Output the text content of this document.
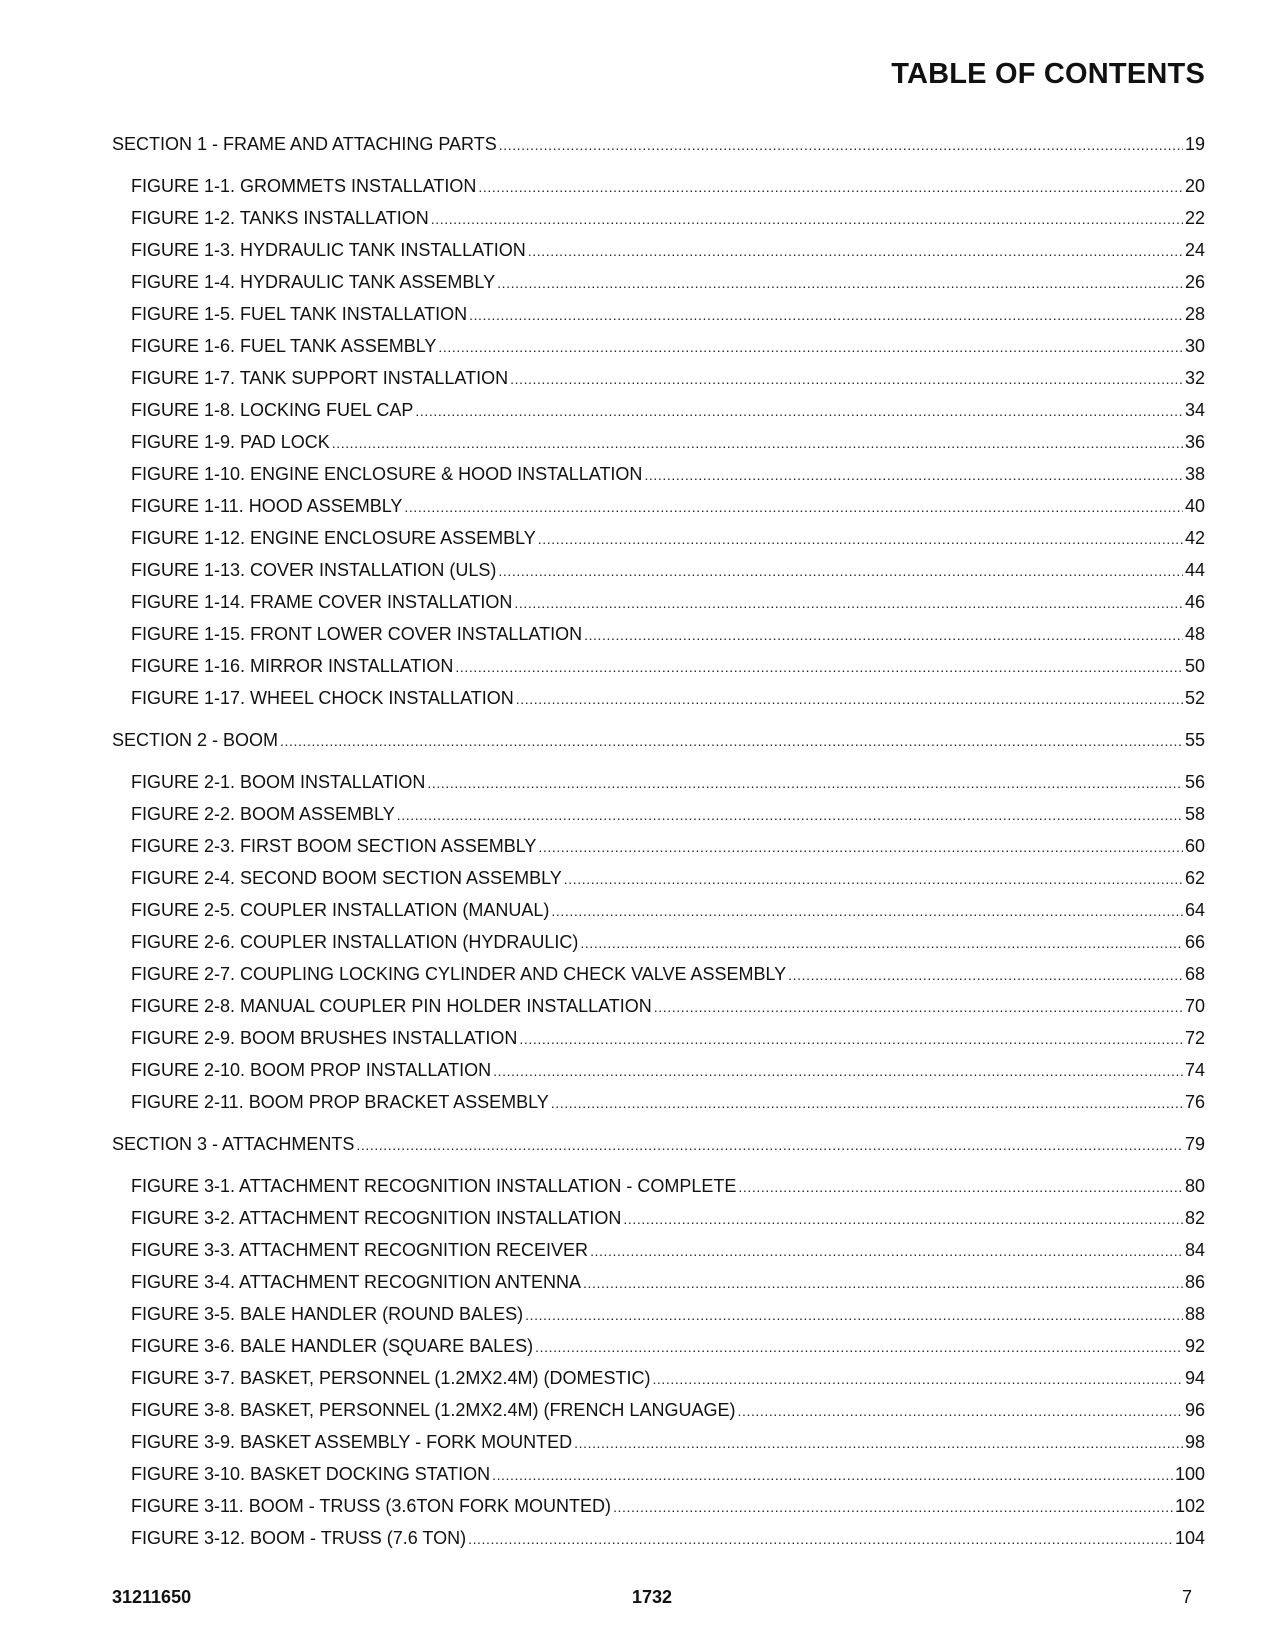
TABLE OF CONTENTS
SECTION 1 - FRAME AND ATTACHING PARTS .....	19
FIGURE 1-1. GROMMETS INSTALLATION .....	20
FIGURE 1-2. TANKS INSTALLATION .....	22
FIGURE 1-3. HYDRAULIC TANK INSTALLATION .....	24
FIGURE 1-4. HYDRAULIC TANK ASSEMBLY .....	26
FIGURE 1-5. FUEL TANK INSTALLATION .....	28
FIGURE 1-6. FUEL TANK ASSEMBLY .....	30
FIGURE 1-7. TANK SUPPORT INSTALLATION .....	32
FIGURE 1-8. LOCKING FUEL CAP .....	34
FIGURE 1-9. PAD LOCK .....	36
FIGURE 1-10. ENGINE ENCLOSURE & HOOD INSTALLATION .....	38
FIGURE 1-11. HOOD ASSEMBLY .....	40
FIGURE 1-12. ENGINE ENCLOSURE ASSEMBLY .....	42
FIGURE 1-13. COVER INSTALLATION (ULS) .....	44
FIGURE 1-14. FRAME COVER INSTALLATION .....	46
FIGURE 1-15. FRONT LOWER COVER INSTALLATION .....	48
FIGURE 1-16. MIRROR INSTALLATION .....	50
FIGURE 1-17. WHEEL CHOCK INSTALLATION .....	52
SECTION 2 - BOOM .....	55
FIGURE 2-1. BOOM INSTALLATION .....	56
FIGURE 2-2. BOOM ASSEMBLY .....	58
FIGURE 2-3. FIRST BOOM SECTION ASSEMBLY .....	60
FIGURE 2-4. SECOND BOOM SECTION ASSEMBLY .....	62
FIGURE 2-5. COUPLER INSTALLATION (MANUAL) .....	64
FIGURE 2-6. COUPLER INSTALLATION (HYDRAULIC) .....	66
FIGURE 2-7. COUPLING LOCKING CYLINDER AND CHECK VALVE ASSEMBLY .....	68
FIGURE 2-8. MANUAL COUPLER PIN HOLDER INSTALLATION .....	70
FIGURE 2-9. BOOM BRUSHES INSTALLATION .....	72
FIGURE 2-10. BOOM PROP INSTALLATION .....	74
FIGURE 2-11. BOOM PROP BRACKET ASSEMBLY .....	76
SECTION 3 - ATTACHMENTS .....	79
FIGURE 3-1. ATTACHMENT RECOGNITION INSTALLATION - COMPLETE .....	80
FIGURE 3-2. ATTACHMENT RECOGNITION INSTALLATION .....	82
FIGURE 3-3. ATTACHMENT RECOGNITION RECEIVER .....	84
FIGURE 3-4. ATTACHMENT RECOGNITION ANTENNA .....	86
FIGURE 3-5. BALE HANDLER (ROUND BALES) .....	88
FIGURE 3-6. BALE HANDLER (SQUARE BALES) .....	92
FIGURE 3-7. BASKET, PERSONNEL (1.2MX2.4M) (DOMESTIC) .....	94
FIGURE 3-8. BASKET, PERSONNEL (1.2MX2.4M) (FRENCH LANGUAGE) .....	96
FIGURE 3-9. BASKET ASSEMBLY - FORK MOUNTED .....	98
FIGURE 3-10. BASKET DOCKING STATION .....	100
FIGURE 3-11. BOOM - TRUSS (3.6TON FORK MOUNTED) .....	102
FIGURE 3-12. BOOM - TRUSS (7.6 TON) .....	104
31211650	1732	7
